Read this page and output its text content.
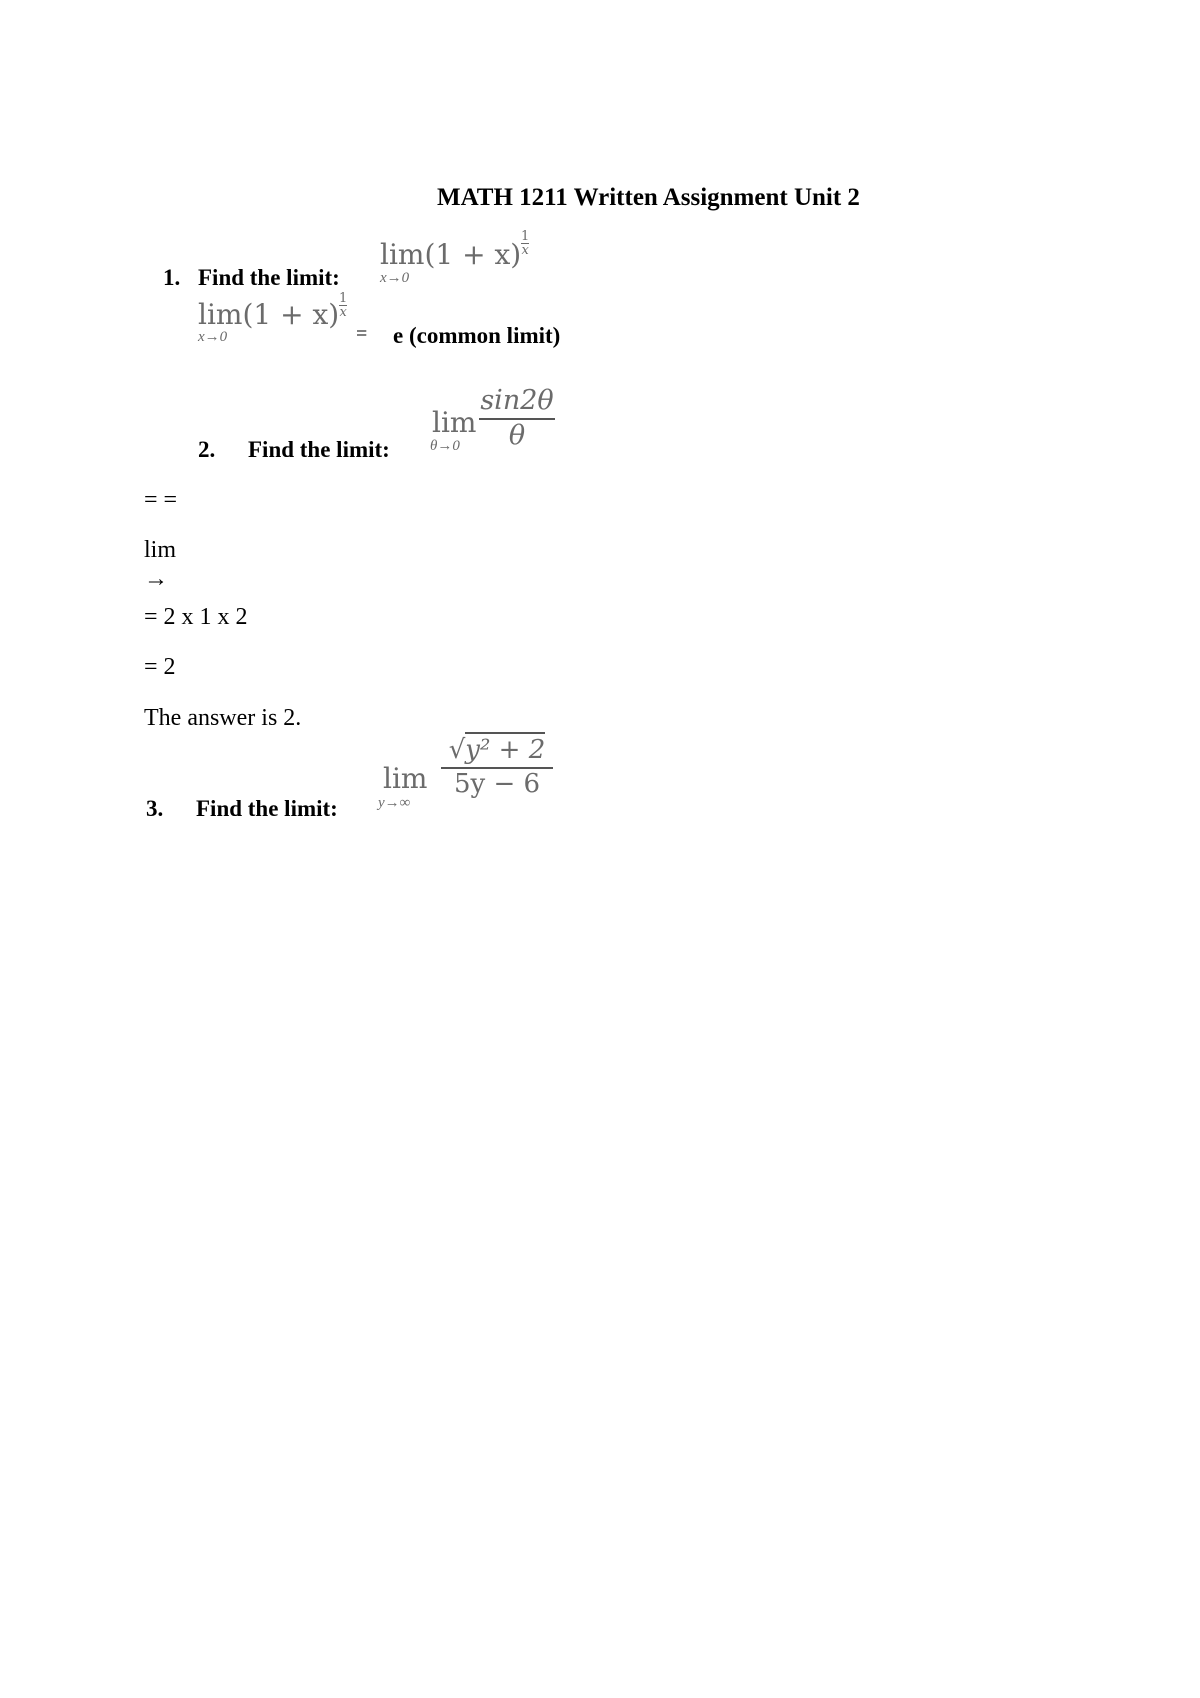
MATH 1211 Written Assignment Unit 2
1. Find the limit:
lim(1 + x)
x→0
$\frac{1}{x}$
lim(1 + x)
x→0
$\frac{1}{x}$
= e (common limit)
2. Find the limit:
lim
$\theta\to 0 \frac{\sin 2\theta}{\theta}$
= =
lim
→
= 2 x 1 x 2
= 2
The answer is 2.
3. Find the limit:
lim
y→∞
$\frac{\text{√y² + 2}}{5y - 6}$
